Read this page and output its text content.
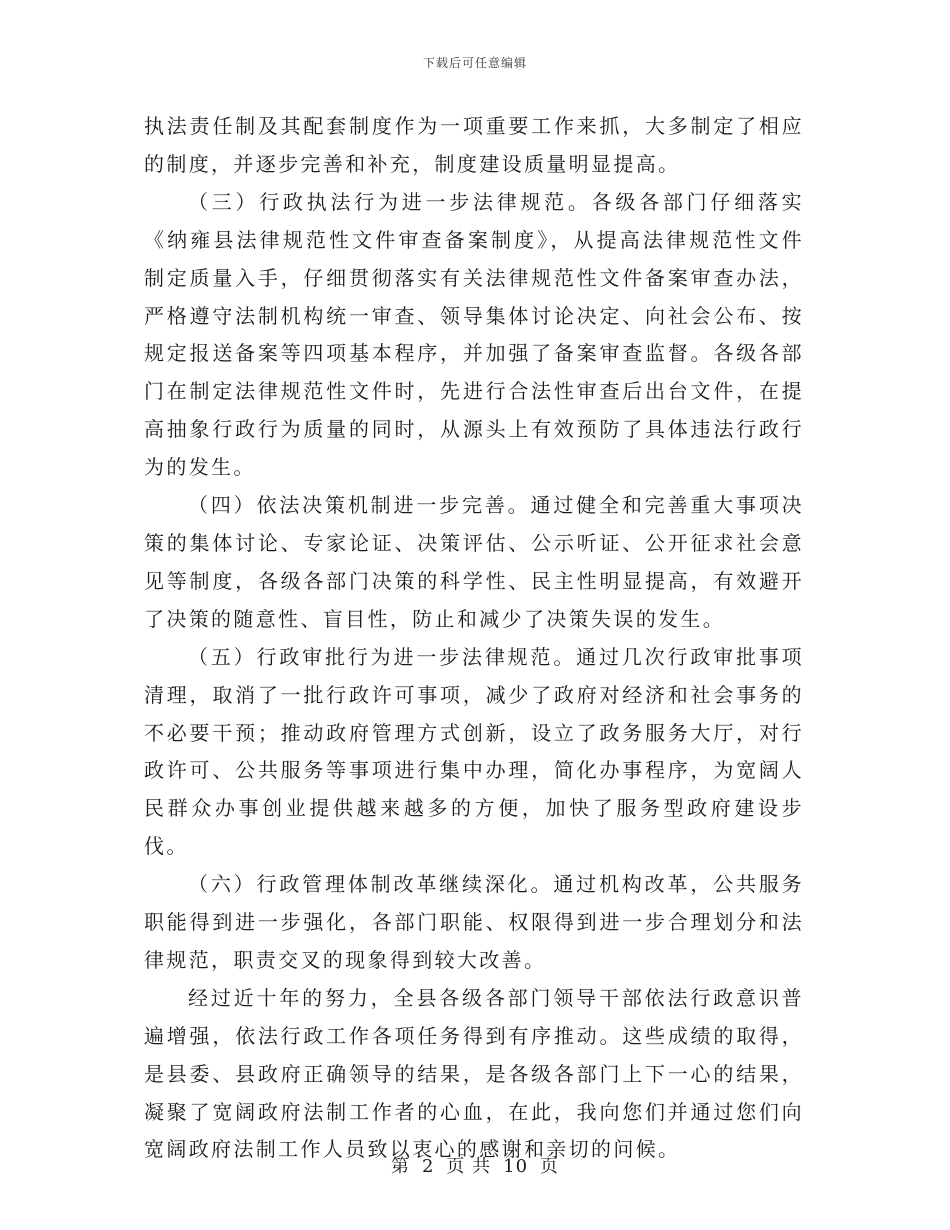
下载后可任意编辑

执法责任制及其配套制度作为一项重要工作来抓，大多制定了相应的制度，并逐步完善和补充，制度建设质量明显提高。

（三）行政执法行为进一步法律规范。各级各部门仔细落实《纳雍县法律规范性文件审查备案制度》，从提高法律规范性文件制定质量入手，仔细贯彻落实有关法律规范性文件备案审查办法，严格遵守法制机构统一审查、领导集体讨论决定、向社会公布、按规定报送备案等四项基本程序，并加强了备案审查监督。各级各部门在制定法律规范性文件时，先进行合法性审查后出台文件，在提高抽象行政行为质量的同时，从源头上有效预防了具体违法行政行为的发生。

（四）依法决策机制进一步完善。通过健全和完善重大事项决策的集体讨论、专家论证、决策评估、公示听证、公开征求社会意见等制度，各级各部门决策的科学性、民主性明显提高，有效避开了决策的随意性、盲目性，防止和减少了决策失误的发生。

（五）行政审批行为进一步法律规范。通过几次行政审批事项清理，取消了一批行政许可事项，减少了政府对经济和社会事务的不必要干预；推动政府管理方式创新，设立了政务服务大厅，对行政许可、公共服务等事项进行集中办理，简化办事程序，为宽阔人民群众办事创业提供越来越多的方便，加快了服务型政府建设步伐。

（六）行政管理体制改革继续深化。通过机构改革，公共服务职能得到进一步强化，各部门职能、权限得到进一步合理划分和法律规范，职责交叉的现象得到较大改善。

经过近十年的努力，全县各级各部门领导干部依法行政意识普遍增强，依法行政工作各项任务得到有序推动。这些成绩的取得，是县委、县政府正确领导的结果，是各级各部门上下一心的结果，凝聚了宽阔政府法制工作者的心血，在此，我向您们并通过您们向宽阔政府法制工作人员致以衷心的感谢和亲切的问候。

第 2 页 共 10 页
